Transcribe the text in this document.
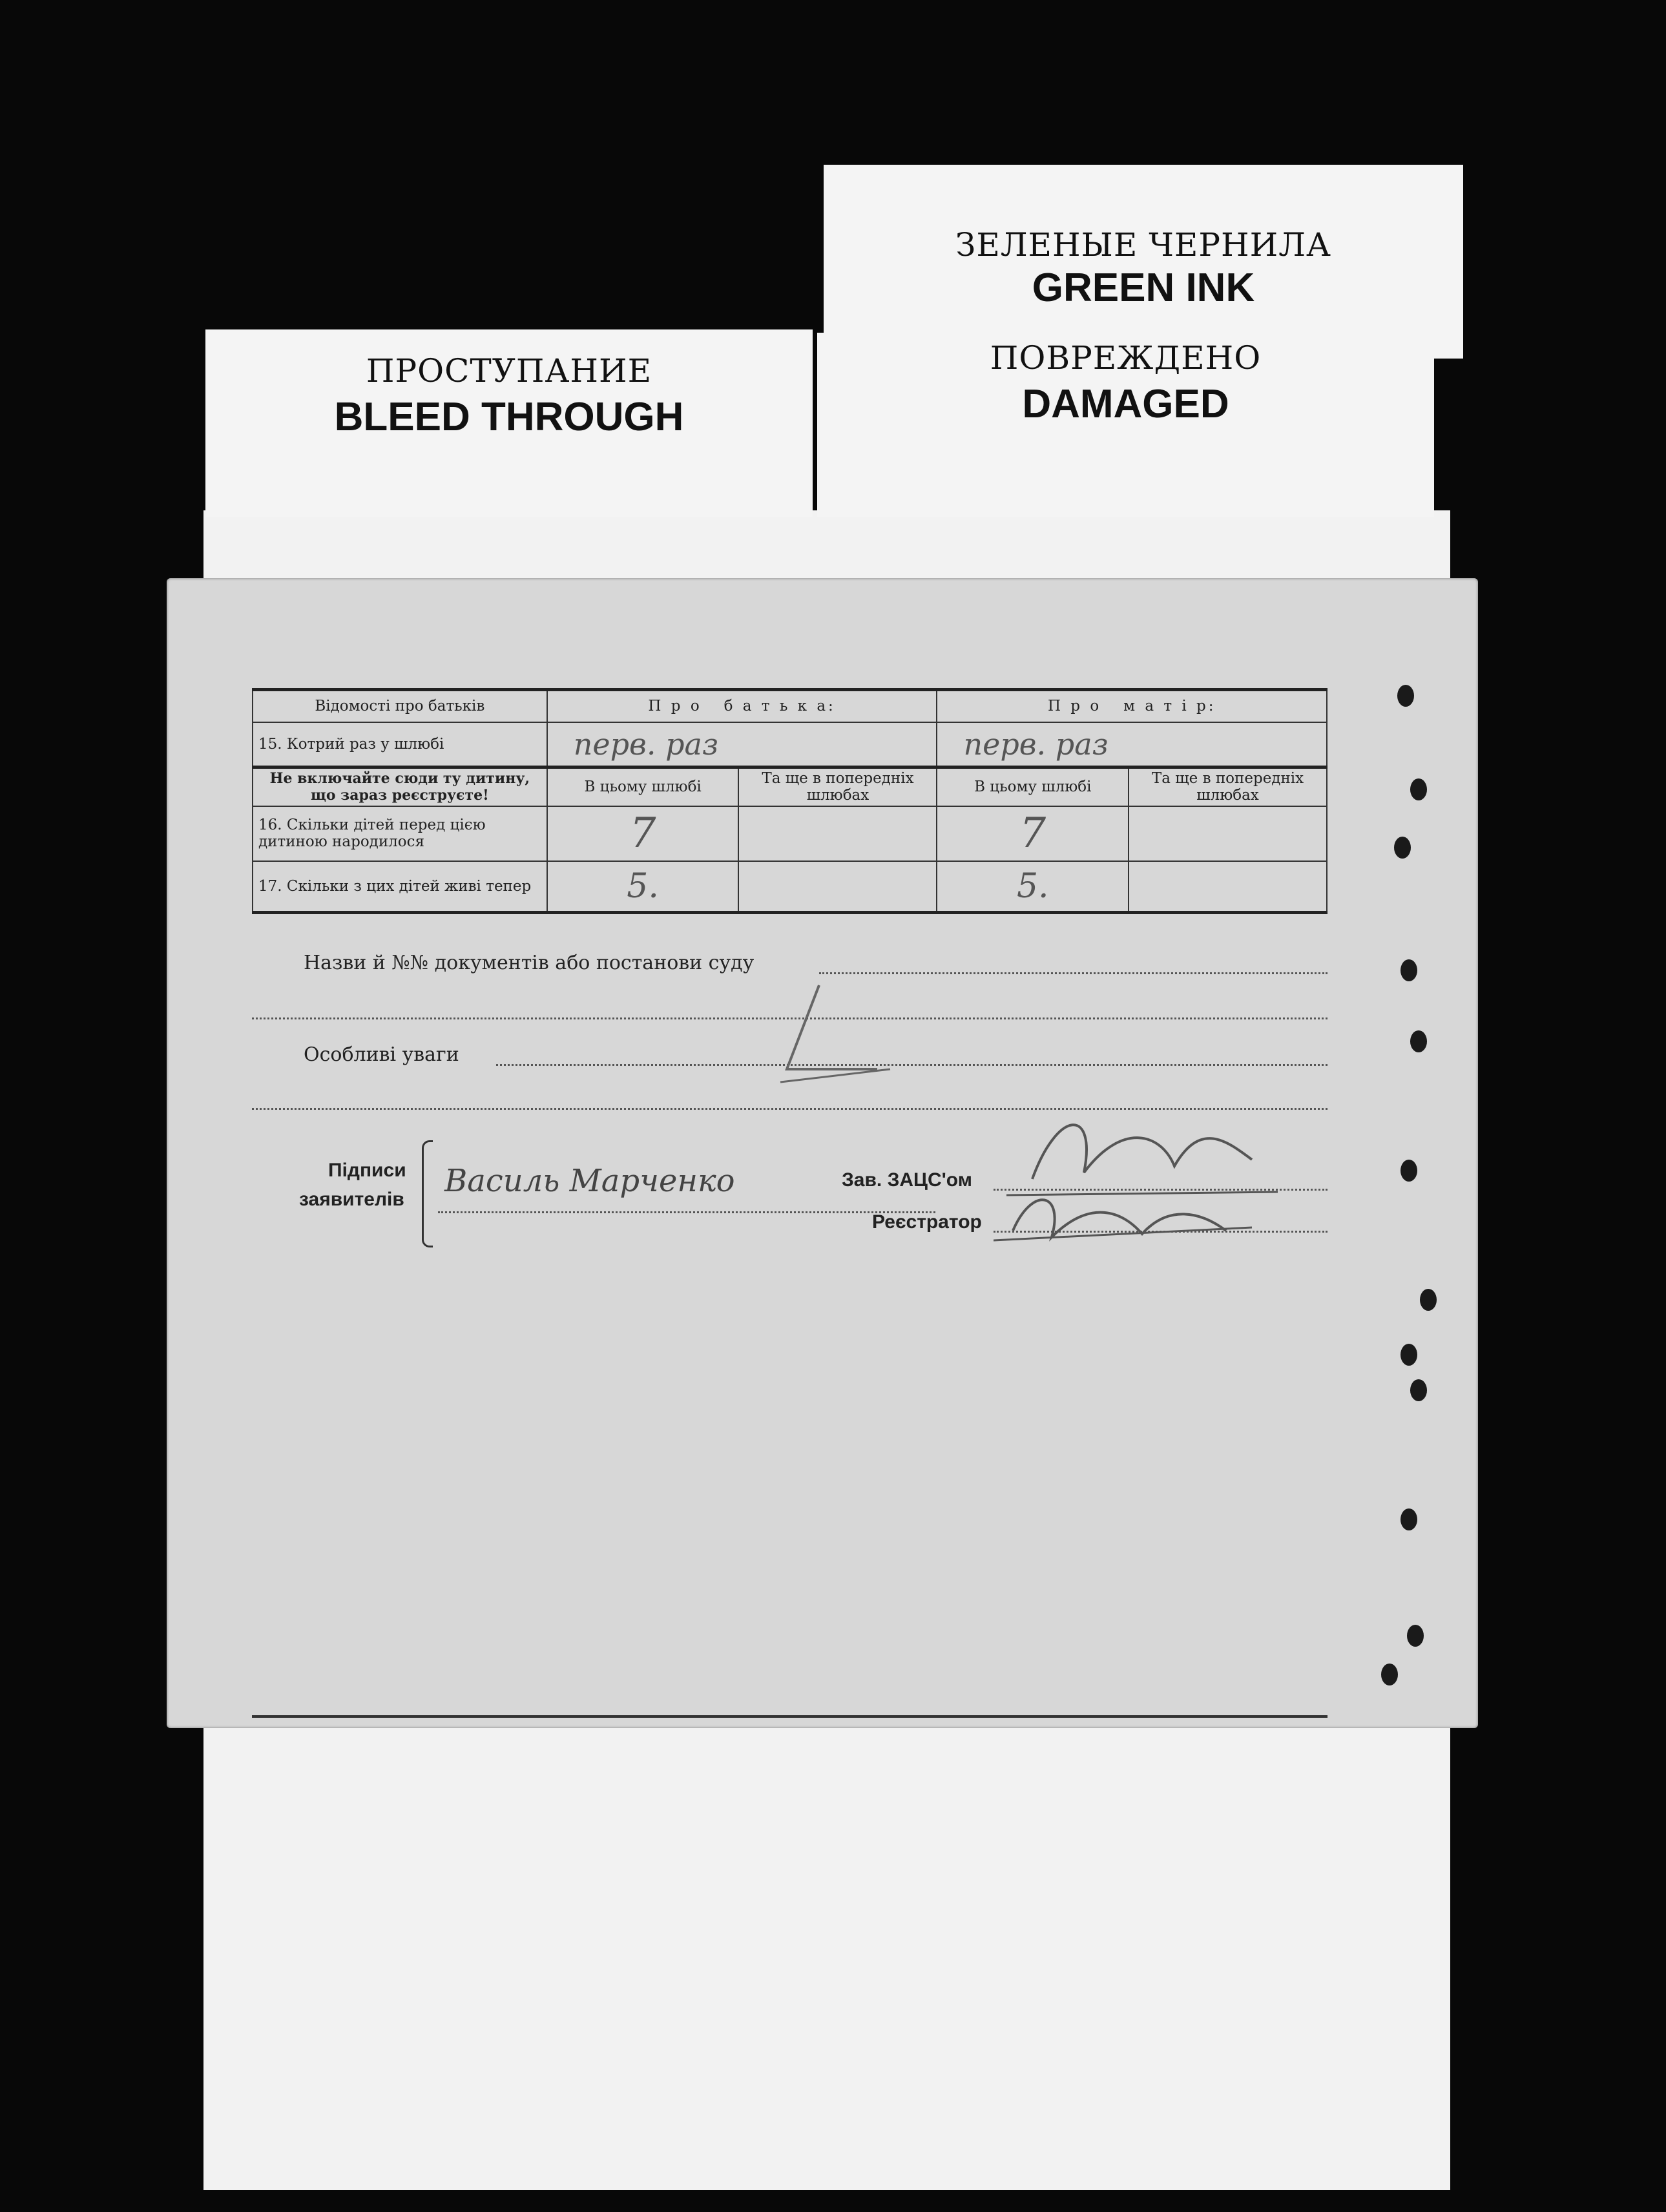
ЗЕЛЕНЫЕ ЧЕРНИЛА
GREEN INK
ПРОСТУПАНИЕ
BLEED THROUGH
ПОВРЕЖДЕНО
DAMAGED
Відомості про батьків	П р о   б а т ь к а:		П р о   м а т і р:	
15. Котрий раз у шлюбі	перв. раз		перв. раз	
Не включайте сюди ту дитину, що зараз реєструєте!	В цьому шлюбі	Та ще в попередніх шлюбах	В цьому шлюбі	Та ще в попередніх шлюбах
16. Скільки дітей перед цією дитиною народилося	7		7	
17. Скільки з цих дітей живі тепер	5.		5.	
Назви й №№ документів або постанови суду
Особливі уваги
Підписи
заявителів
Василь Марченко	Зав. ЗАЦС'ом
Реєстратор
